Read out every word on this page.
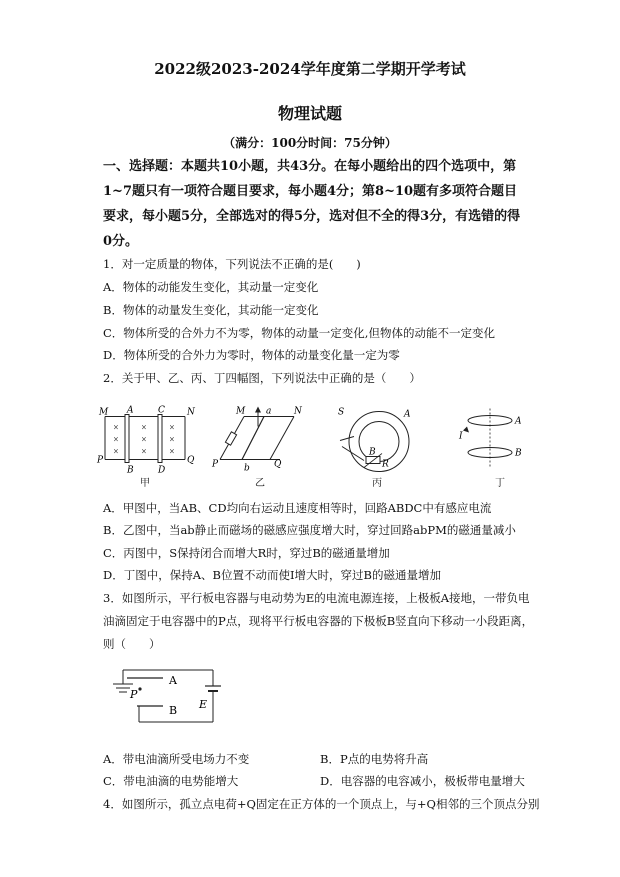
2022级2023-2024学年度第二学期开学考试
物理试题
（满分：100分时间：75分钟）
一、选择题：本题共10小题，共43分。在每小题给出的四个选项中，第1~7题只有一项符合题目要求，每小题4分；第8~10题有多项符合题目要求，每小题5分，全部选对的得5分，选对但不全的得3分，有选错的得0分。
1．对一定质量的物体，下列说法不正确的是(　　)
A．物体的动能发生变化，其动量一定变化
B．物体的动量发生变化，其动能一定变化
C．物体所受的合外力不为零，物体的动量一定变化,但物体的动能不一定变化
D．物体所受的合外力为零时，物体的动量变化量一定为零
2．关于甲、乙、丙、丁四幅图，下列说法中正确的是（　　）
×
×
×
×
×
×
×
×
×
A
B
C
D
M	N
P	Q
M	N
a
b
P	Q
S	A
B
R
A
B
I
甲	乙	丙	丁
A．甲图中，当AB、CD均向右运动且速度相等时，回路ABDC中有感应电流
B．乙图中，当ab静止而磁场的磁感应强度增大时，穿过回路abPM的磁通量减小
C．丙图中，S保持闭合而增大R时，穿过B的磁通量增加
D．丁图中，保持A、B位置不动而使I增大时，穿过B的磁通量增加
3．如图所示，平行板电容器与电动势为E的电流电源连接，上极板A接地，一带负电
油滴固定于电容器中的P点，现将平行板电容器的下极板B竖直向下移动一小段距离，
则（　　）
A
B
P
E
A．带电油滴所受电场力不变	B．P点的电势将升高
C．带电油滴的电势能增大	D．电容器的电容减小，极板带电量增大
4．如图所示，孤立点电荷+Q固定在正方体的一个顶点上，与+Q相邻的三个顶点分别
